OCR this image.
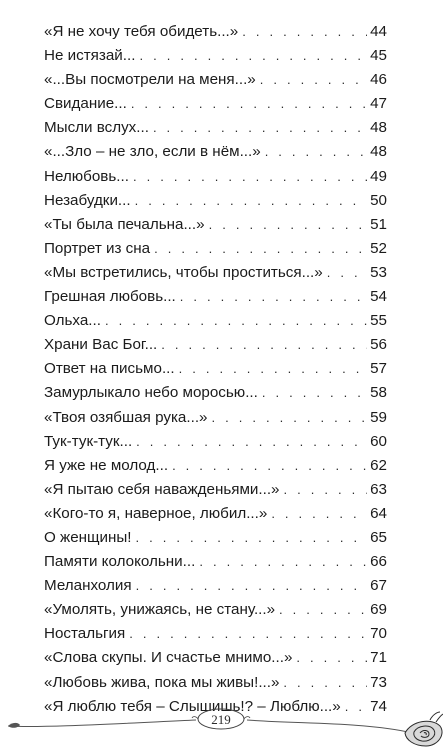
«Я не хочу тебя обидеть...» . . .	44
Не истязай... . . .	45
«...Вы посмотрели на меня...» . . .	46
Свидание... . . .	47
Мысли вслух... . . .	48
«...Зло – не зло, если в нём...» . . .	48
Нелюбовь... . . .	49
Незабудки... . . .	50
«Ты была печальна...» . . .	51
Портрет из сна . . .	52
«Мы встретились, чтобы проститься...» . . .	53
Грешная любовь... . . .	54
Ольха... . . .	55
Храни Вас Бог... . . .	56
Ответ на письмо... . . .	57
Замурлыкало небо моросью... . . .	58
«Твоя озябшая рука...» . . .	59
Тук-тук-тук... . . .	60
Я уже не молод... . . .	62
«Я пытаю себя наважденьями...» . . .	63
«Кого-то я, наверное, любил...» . . .	64
О женщины! . . .	65
Памяти колокольни... . . .	66
Меланхолия . . .	67
«Умолять, унижаясь, не стану...» . . .	69
Ностальгия . . .	70
«Слова скупы. И счастье мнимо...» . . .	71
«Любовь жива, пока мы живы!...» . . .	73
«Я люблю тебя – Слышишь!? – Люблю...» . . . 74
219
